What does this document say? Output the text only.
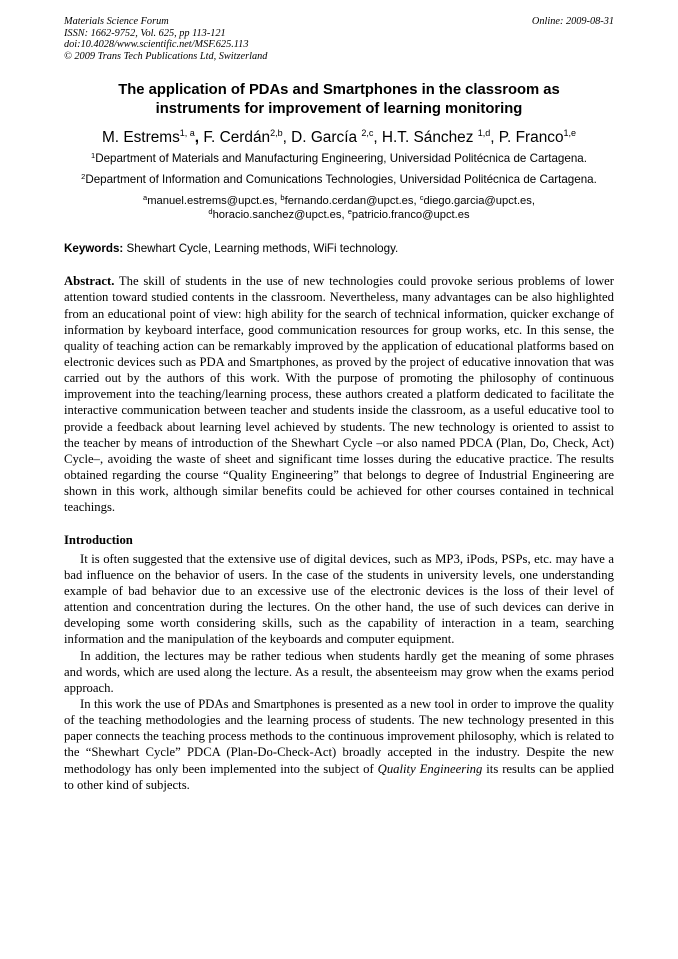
Materials Science Forum
ISSN: 1662-9752, Vol. 625, pp 113-121
doi:10.4028/www.scientific.net/MSF.625.113
© 2009 Trans Tech Publications Ltd, Switzerland
Online: 2009-08-31
The application of PDAs and Smartphones in the classroom as
instruments for improvement of learning monitoring
M. Estrems$^{1, a}$, F. Cerdán$^{2,b}$, D. García $^{2,c}$, H.T. Sánchez $^{1,d}$, P. Franco$^{1,e}$
$^1$Department of Materials and Manufacturing Engineering, Universidad Politécnica de Cartagena.
$^2$Department of Information and Comunications Technologies, Universidad Politécnica de Cartagena.
$^a$manuel.estrems@upct.es, $^b$fernando.cerdan@upct.es, $^c$diego.garcia@upct.es,
$^d$horacio.sanchez@upct.es, $^e$patricio.franco@upct.es
Keywords: Shewhart Cycle, Learning methods, WiFi technology.

Abstract. The skill of students in the use of new technologies could provoke serious problems of lower attention toward studied contents in the classroom. Nevertheless, many advantages can be also highlighted from an educational point of view: high ability for the search of technical information, quicker exchange of information by keyboard interface, good communication resources for group works, etc. In this sense, the quality of teaching action can be remarkably improved by the application of educational platforms based on electronic devices such as PDA and Smartphones, as proved by the project of educative innovation that was carried out by the authors of this work. With the purpose of promoting the philosophy of continuous improvement into the teaching/learning process, these authors created a platform dedicated to facilitate the interactive communication between teacher and students inside the classroom, as a useful educative tool to provide a feedback about learning level achieved by students. The new technology is oriented to assist to the teacher by means of introduction of the Shewhart Cycle –or also named PDCA (Plan, Do, Check, Act) Cycle–, avoiding the waste of sheet and significant time losses during the educative practice. The results obtained regarding the course “Quality Engineering” that belongs to degree of Industrial Engineering are shown in this work, although similar benefits could be achieved for other courses contained in technical teachings.

Introduction

It is often suggested that the extensive use of digital devices, such as MP3, iPods, PSPs, etc. may have a bad influence on the behavior of users. In the case of the students in university levels, one understanding example of bad behavior due to an excessive use of the electronic devices is the loss of their level of attention and concentration during the lectures. On the other hand, the use of such devices can derive in developing some worth considering skills, such as the capability of interaction in a team, searching information and the manipulation of the keyboards and computer equipment.

In addition, the lectures may be rather tedious when students hardly get the meaning of some phrases and words, which are used along the lecture. As a result, the absenteeism may grow when the exams period approach.

In this work the use of PDAs and Smartphones is presented as a new tool in order to improve the quality of the teaching methodologies and the learning process of students. The new technology presented in this paper connects the teaching process methods to the continuous improvement philosophy, which is related to the “Shewhart Cycle” PDCA (Plan-Do-Check-Act) broadly accepted in the industry. Despite the new methodology has only been implemented into the subject of Quality Engineering its results can be applied to other kind of subjects.
